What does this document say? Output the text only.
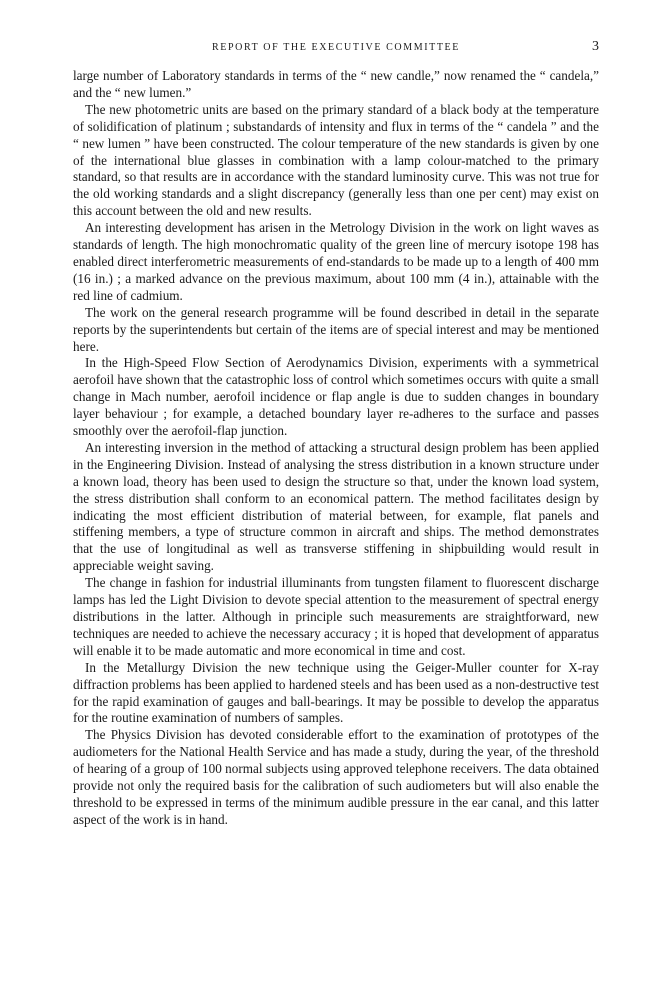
REPORT OF THE EXECUTIVE COMMITTEE	3

large number of Laboratory standards in terms of the “ new candle,” now renamed the “ candela,” and the “ new lumen.”

The new photometric units are based on the primary standard of a black body at the temperature of solidification of platinum ; substandards of intensity and flux in terms of the “ candela ” and the “ new lumen ” have been constructed. The colour temperature of the new standards is given by one of the international blue glasses in combination with a lamp colour-matched to the primary standard, so that results are in accordance with the standard luminosity curve. This was not true for the old working standards and a slight discrepancy (generally less than one per cent) may exist on this account between the old and new results.

An interesting development has arisen in the Metrology Division in the work on light waves as standards of length. The high monochromatic quality of the green line of mercury isotope 198 has enabled direct interferometric measurements of end-standards to be made up to a length of 400 mm (16 in.) ; a marked advance on the previous maximum, about 100 mm (4 in.), attainable with the red line of cadmium.

The work on the general research programme will be found described in detail in the separate reports by the superintendents but certain of the items are of special interest and may be mentioned here.

In the High-Speed Flow Section of Aerodynamics Division, experiments with a symmetrical aerofoil have shown that the catastrophic loss of control which sometimes occurs with quite a small change in Mach number, aerofoil incidence or flap angle is due to sudden changes in boundary layer behaviour ; for example, a detached boundary layer re-adheres to the surface and passes smoothly over the aerofoil-flap junction.

An interesting inversion in the method of attacking a structural design problem has been applied in the Engineering Division. Instead of analysing the stress distribution in a known structure under a known load, theory has been used to design the structure so that, under the known load system, the stress distribution shall conform to an economical pattern. The method facilitates design by indicating the most efficient distribution of material between, for example, flat panels and stiffening members, a type of structure common in aircraft and ships. The method demonstrates that the use of longitudinal as well as transverse stiffening in shipbuilding would result in appreciable weight saving.

The change in fashion for industrial illuminants from tungsten filament to fluorescent discharge lamps has led the Light Division to devote special attention to the measurement of spectral energy distributions in the latter. Although in principle such measurements are straightforward, new techniques are needed to achieve the necessary accuracy ; it is hoped that development of apparatus will enable it to be made automatic and more economical in time and cost.

In the Metallurgy Division the new technique using the Geiger-Muller counter for X-ray diffraction problems has been applied to hardened steels and has been used as a non-destructive test for the rapid examination of gauges and ball-bearings. It may be possible to develop the apparatus for the routine examination of numbers of samples.

The Physics Division has devoted considerable effort to the examination of prototypes of the audiometers for the National Health Service and has made a study, during the year, of the threshold of hearing of a group of 100 normal subjects using approved telephone receivers. The data obtained provide not only the required basis for the calibration of such audiometers but will also enable the threshold to be expressed in terms of the minimum audible pressure in the ear canal, and this latter aspect of the work is in hand.
